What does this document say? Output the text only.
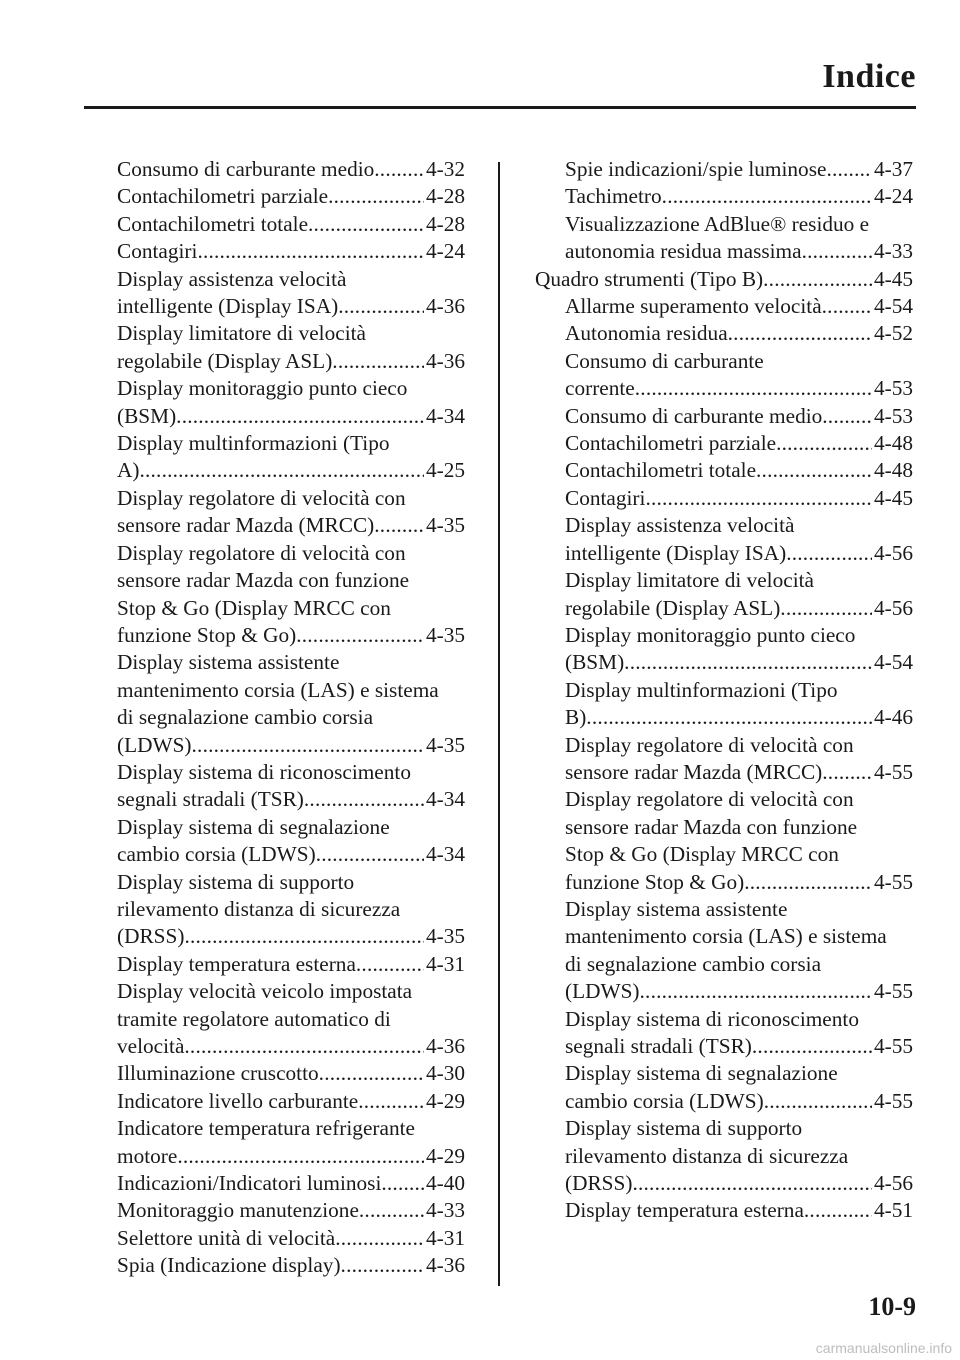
Indice
Consumo di carburante medio ..... 4-32
Contachilometri parziale .....	4-28
Contachilometri totale .....	4-28
Contagiri .....	4-24
Display assistenza velocità
intelligente (Display ISA) .....	4-36
Display limitatore di velocità
regolabile (Display ASL) .....	4-36
Display monitoraggio punto cieco
(BSM) .....	4-34
Display multinformazioni (Tipo
A) .....	4-25
Display regolatore di velocità con
sensore radar Mazda (MRCC) ..... 4-35
Display regolatore di velocità con
sensore radar Mazda con funzione
Stop & Go (Display MRCC con
funzione Stop & Go) .....	4-35
Display sistema assistente
mantenimento corsia (LAS) e sistema
di segnalazione cambio corsia
(LDWS) .....	4-35
Display sistema di riconoscimento
segnali stradali (TSR) .....	4-34
Display sistema di segnalazione
cambio corsia (LDWS) .....	4-34
Display sistema di supporto
rilevamento distanza di sicurezza
(DRSS) .....	4-35
Display temperatura esterna .....	4-31
Display velocità veicolo impostata
tramite regolatore automatico di
velocità .....	4-36
Illuminazione cruscotto .....	4-30
Indicatore livello carburante .....	4-29
Indicatore temperatura refrigerante
motore .....	4-29
Indicazioni/Indicatori luminosi ..... 4-40
Monitoraggio manutenzione .....	4-33
Selettore unità di velocità .....	4-31
Spia (Indicazione display) .....	4-36
Spie indicazioni/spie luminose ..... 4-37
Tachimetro .....	4-24
Visualizzazione AdBlue® residuo e
autonomia residua massima .....	4-33
Quadro strumenti (Tipo B) .....	4-45
Allarme superamento velocità ..... 4-54
Autonomia residua .....	4-52
Consumo di carburante
corrente .....	4-53
Consumo di carburante medio ..... 4-53
Contachilometri parziale .....	4-48
Contachilometri totale .....	4-48
Contagiri .....	4-45
Display assistenza velocità
intelligente (Display ISA) .....	4-56
Display limitatore di velocità
regolabile (Display ASL) .....	4-56
Display monitoraggio punto cieco
(BSM) .....	4-54
Display multinformazioni (Tipo
B) .....	4-46
Display regolatore di velocità con
sensore radar Mazda (MRCC) ..... 4-55
Display regolatore di velocità con
sensore radar Mazda con funzione
Stop & Go (Display MRCC con
funzione Stop & Go) .....	4-55
Display sistema assistente
mantenimento corsia (LAS) e sistema
di segnalazione cambio corsia
(LDWS) .....	4-55
Display sistema di riconoscimento
segnali stradali (TSR) .....	4-55
Display sistema di segnalazione
cambio corsia (LDWS) .....	4-55
Display sistema di supporto
rilevamento distanza di sicurezza
(DRSS) .....	4-56
Display temperatura esterna .....	4-51
10-9
carmanualsonline.info
